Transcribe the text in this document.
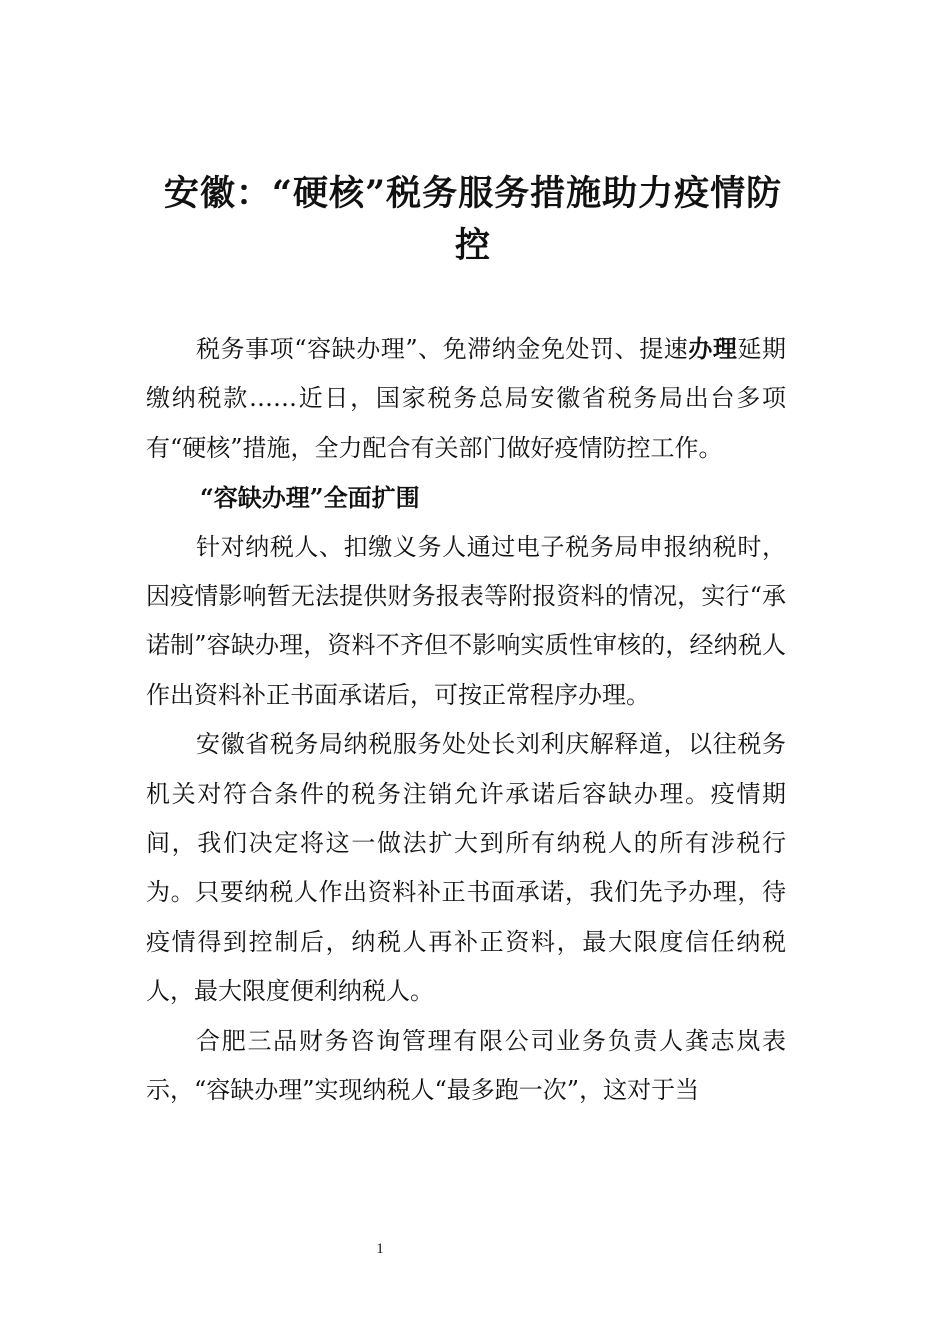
安徽：“硬核”税务服务措施助力疫情防控

税务事项“容缺办理”、免滞纳金免处罚、提速办理延期缴纳税款……近日，国家税务总局安徽省税务局出台多项有“硬核”措施，全力配合有关部门做好疫情防控工作。

“容缺办理”全面扩围

针对纳税人、扣缴义务人通过电子税务局申报纳税时，因疫情影响暂无法提供财务报表等附报资料的情况，实行“承诺制”容缺办理，资料不齐但不影响实质性审核的，经纳税人作出资料补正书面承诺后，可按正常程序办理。

安徽省税务局纳税服务处处长刘利庆解释道，以往税务机关对符合条件的税务注销允许承诺后容缺办理。疫情期间，我们决定将这一做法扩大到所有纳税人的所有涉税行为。只要纳税人作出资料补正书面承诺，我们先予办理，待疫情得到控制后，纳税人再补正资料，最大限度信任纳税人，最大限度便利纳税人。

合肥三品财务咨询管理有限公司业务负责人龚志岚表示，“容缺办理”实现纳税人“最多跑一次”，这对于当

1
